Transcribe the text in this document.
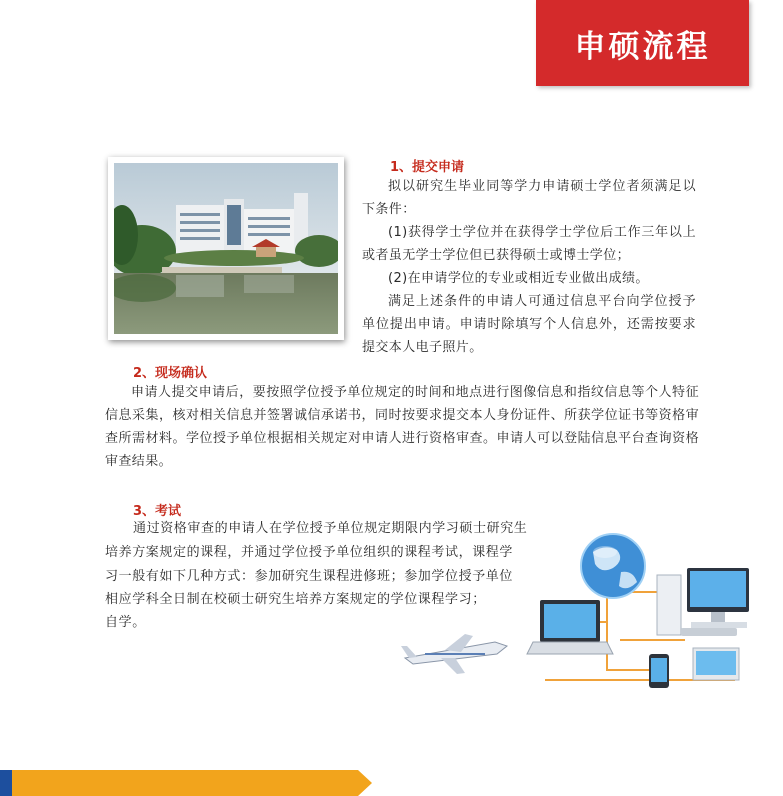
申硕流程
1、提交申请

拟以研究生毕业同等学力申请硕士学位者须满足以下条件：

(1)获得学士学位并在获得学士学位后工作三年以上或者虽无学士学位但已获得硕士或博士学位；

(2)在申请学位的专业或相近专业做出成绩。

满足上述条件的申请人可通过信息平台向学位授予单位提出申请。申请时除填写个人信息外，还需按要求提交本人电子照片。

2、现场确认

申请人提交申请后，要按照学位授予单位规定的时间和地点进行图像信息和指纹信息等个人特征信息采集，核对相关信息并签署诚信承诺书，同时按要求提交本人身份证件、所获学位证书等资格审查所需材料。学位授予单位根据相关规定对申请人进行资格审查。申请人可以登陆信息平台查询资格审查结果。

3、考试
通过资格审查的申请人在学位授予单位规定期限内学习硕士研究生
培养方案规定的课程，并通过学位授予单位组织的课程考试，课程学
习一般有如下几种方式：参加研究生课程进修班；参加学位授予单位
相应学科全日制在校硕士研究生培养方案规定的学位课程学习；
自学。
